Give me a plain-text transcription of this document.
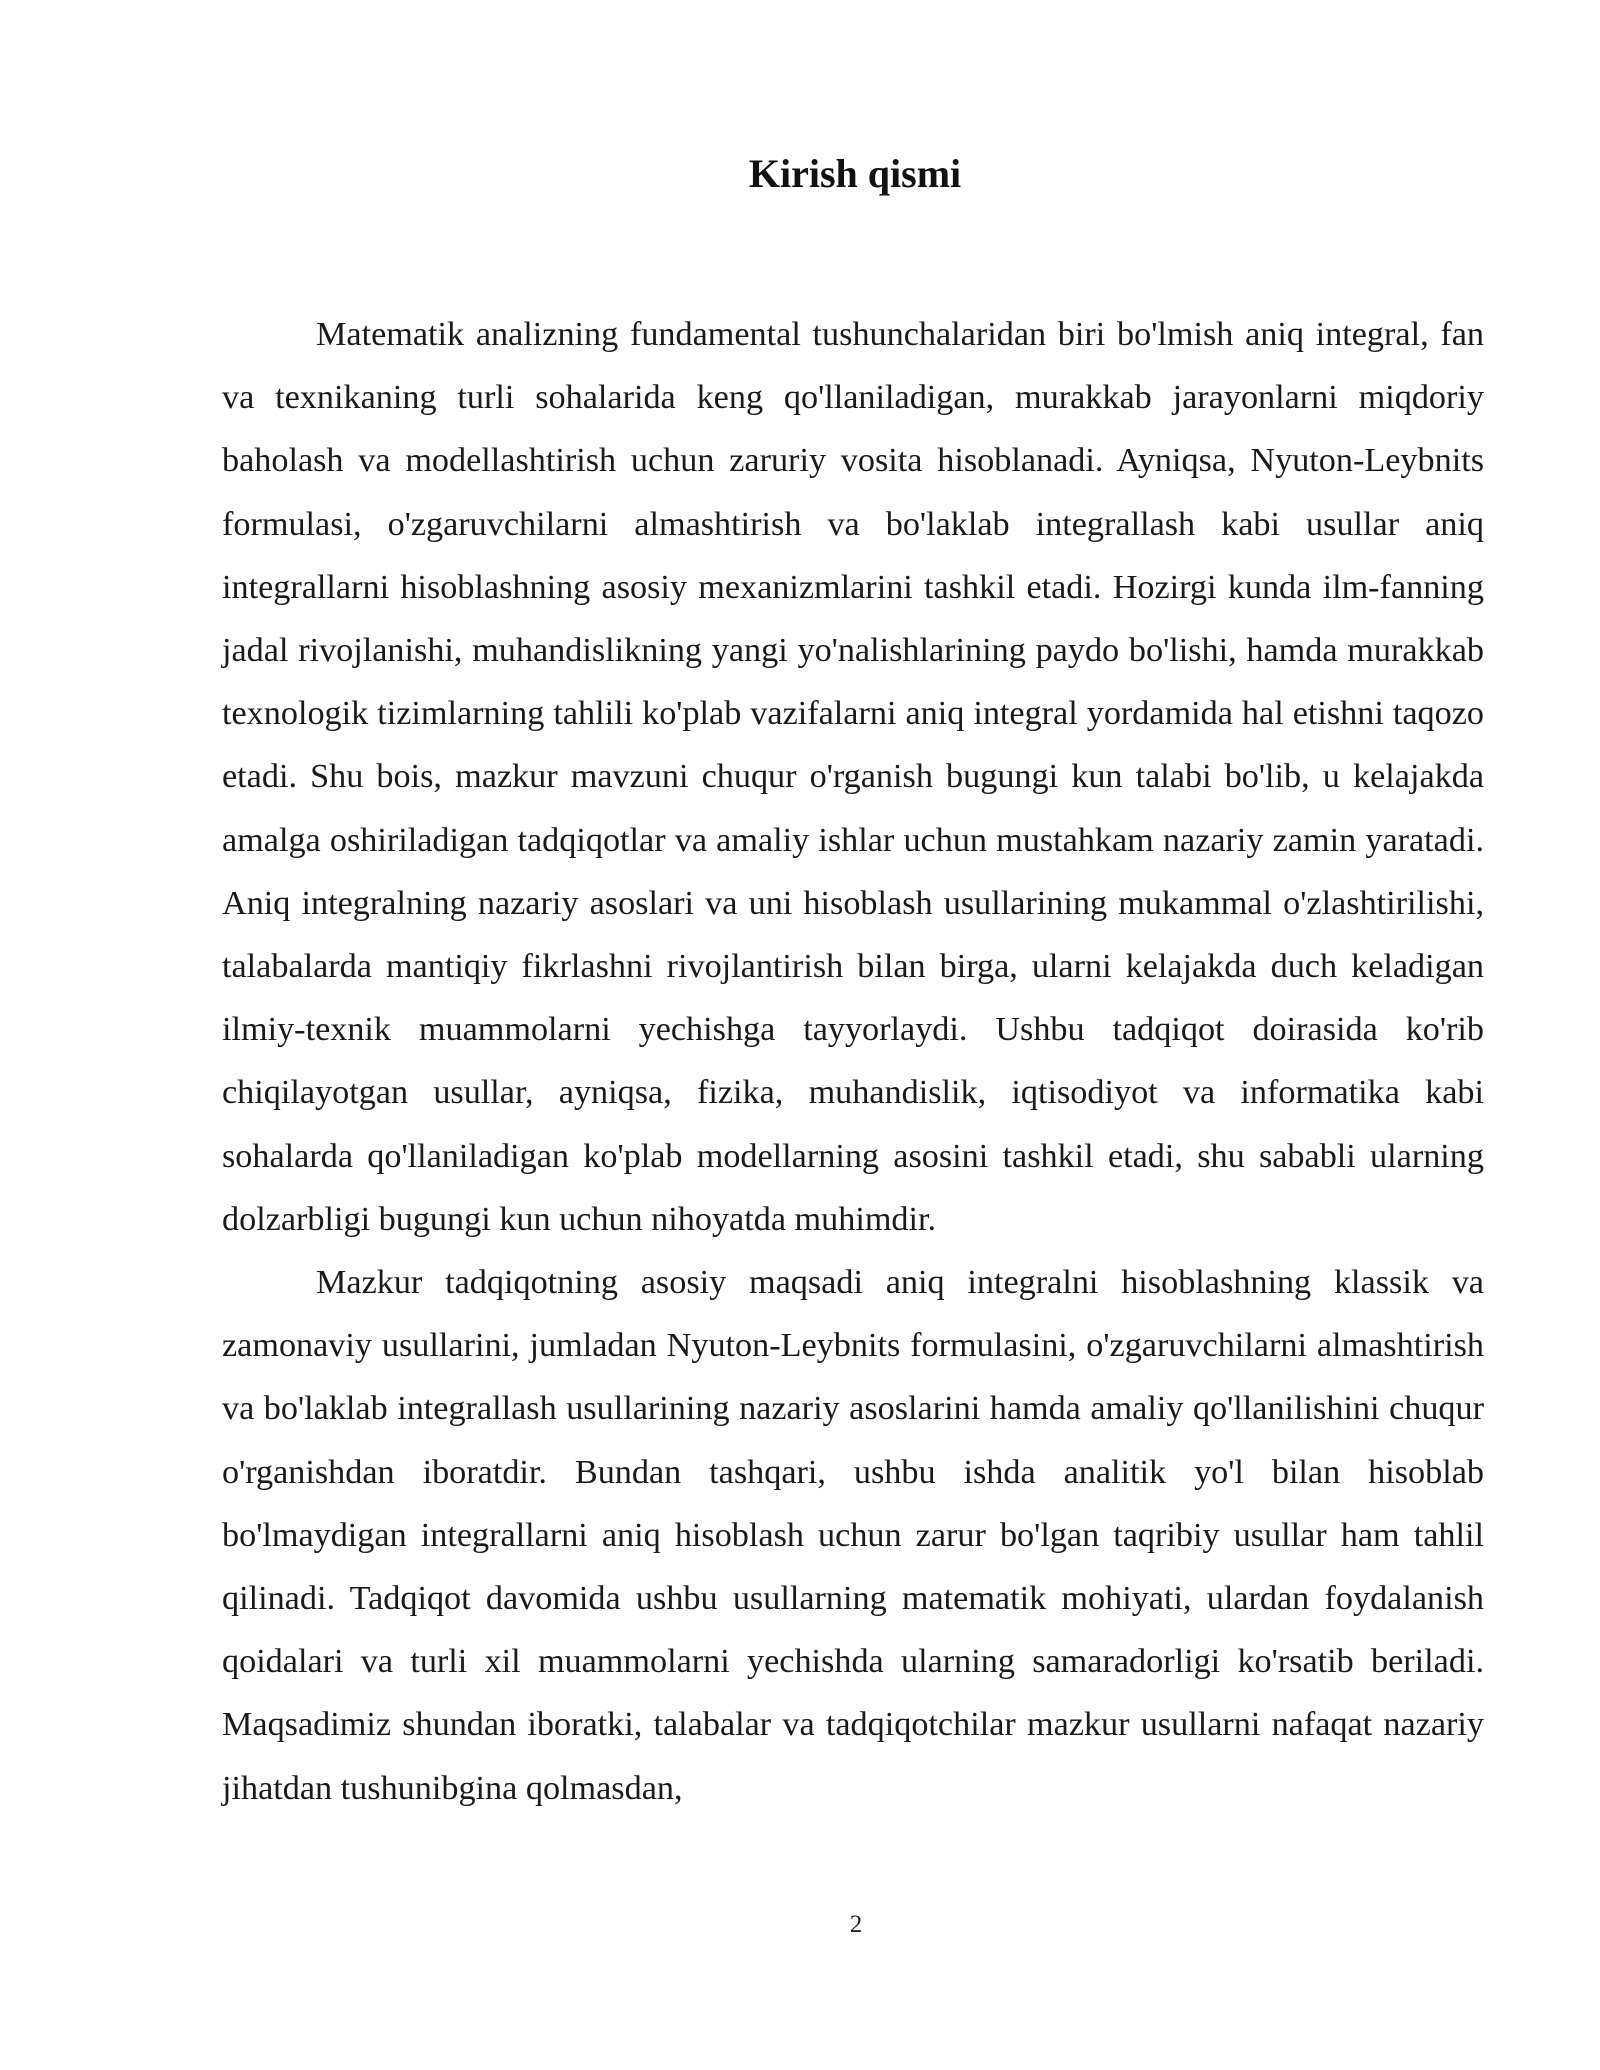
Kirish qismi

Matematik analizning fundamental tushunchalaridan biri bo'lmish aniq integral, fan va texnikaning turli sohalarida keng qo'llaniladigan, murakkab jarayonlarni miqdoriy baholash va modellashtirish uchun zaruriy vosita hisoblanadi. Ayniqsa, Nyuton-Leybnits formulasi, o'zgaruvchilarni almashtirish va bo'laklab integrallash kabi usullar aniq integrallarni hisoblashning asosiy mexanizmlarini tashkil etadi. Hozirgi kunda ilm-fanning jadal rivojlanishi, muhandislikning yangi yo'nalishlarining paydo bo'lishi, hamda murakkab texnologik tizimlarning tahlili ko'plab vazifalarni aniq integral yordamida hal etishni taqozo etadi. Shu bois, mazkur mavzuni chuqur o'rganish bugungi kun talabi bo'lib, u kelajakda amalga oshiriladigan tadqiqotlar va amaliy ishlar uchun mustahkam nazariy zamin yaratadi. Aniq integralning nazariy asoslari va uni hisoblash usullarining mukammal o'zlashtirilishi, talabalarda mantiqiy fikrlashni rivojlantirish bilan birga, ularni kelajakda duch keladigan ilmiy-texnik muammolarni yechishga tayyorlaydi. Ushbu tadqiqot doirasida ko'rib chiqilayotgan usullar, ayniqsa, fizika, muhandislik, iqtisodiyot va informatika kabi sohalarda qo'llaniladigan ko'plab modellarning asosini tashkil etadi, shu sababli ularning dolzarbligi bugungi kun uchun nihoyatda muhimdir.

Mazkur tadqiqotning asosiy maqsadi aniq integralni hisoblashning klassik va zamonaviy usullarini, jumladan Nyuton-Leybnits formulasini, o'zgaruvchilarni almashtirish va bo'laklab integrallash usullarining nazariy asoslarini hamda amaliy qo'llanilishini chuqur o'rganishdan iboratdir. Bundan tashqari, ushbu ishda analitik yo'l bilan hisoblab bo'lmaydigan integrallarni aniq hisoblash uchun zarur bo'lgan taqribiy usullar ham tahlil qilinadi. Tadqiqot davomida ushbu usullarning matematik mohiyati, ulardan foydalanish qoidalari va turli xil muammolarni yechishda ularning samaradorligi ko'rsatib beriladi. Maqsadimiz shundan iboratki, talabalar va tadqiqotchilar mazkur usullarni nafaqat nazariy jihatdan tushunibgina qolmasdan,

2
